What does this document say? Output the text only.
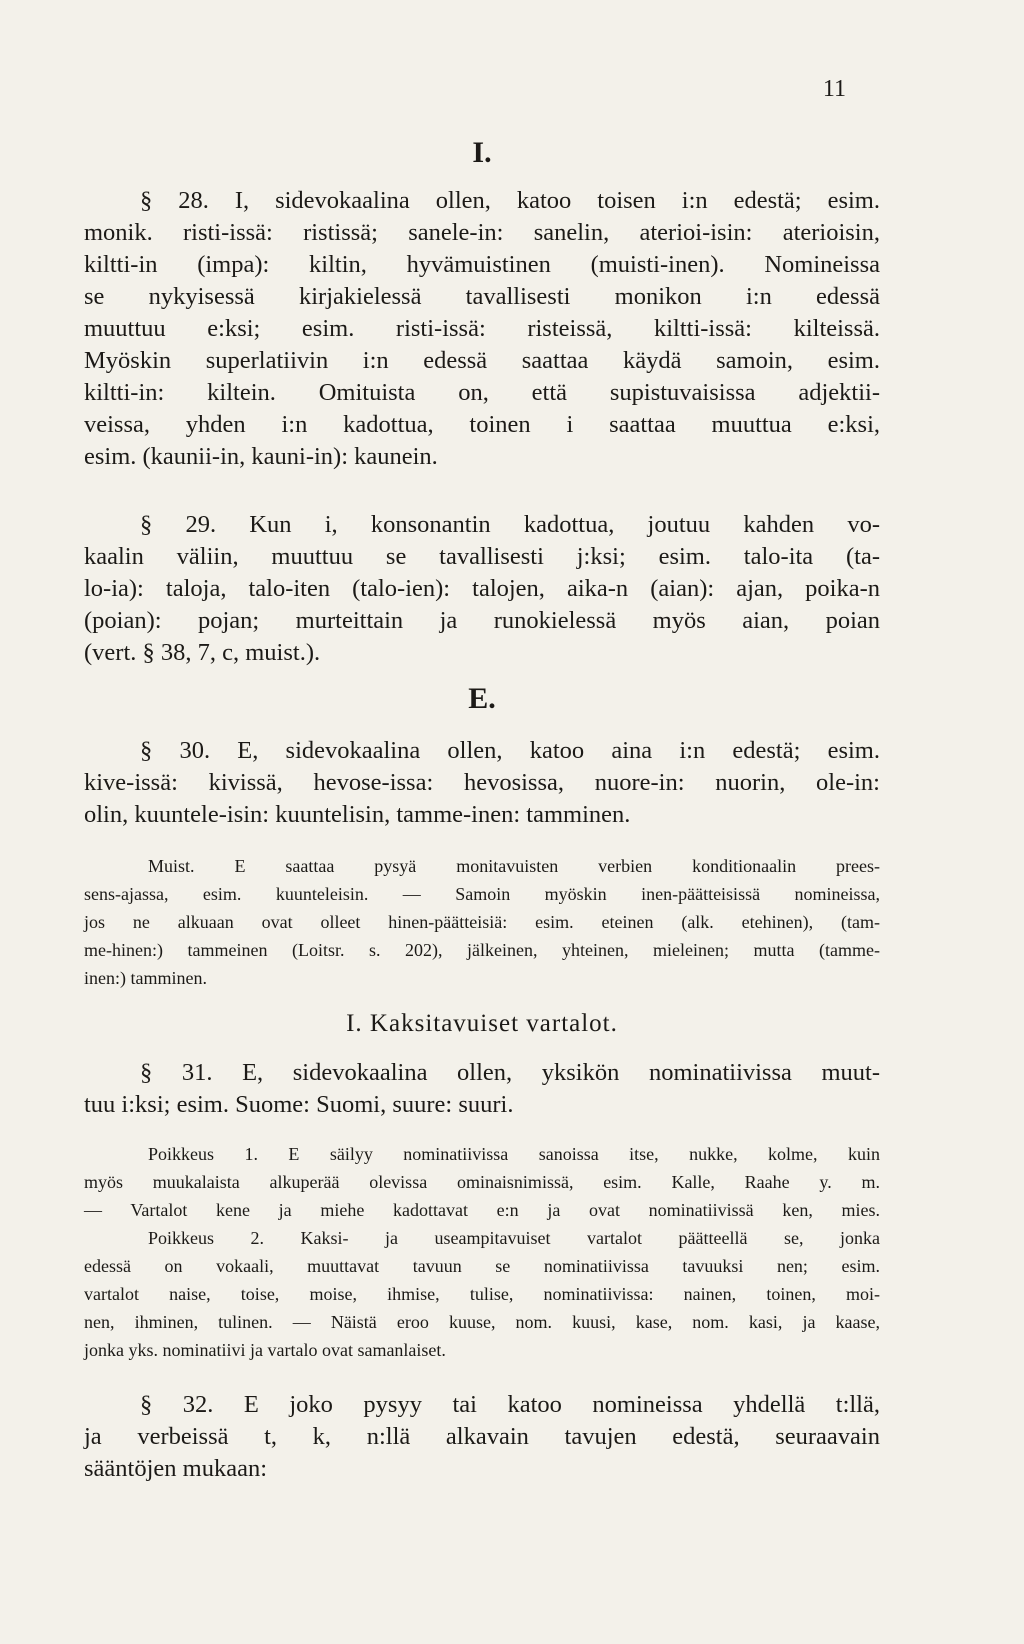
11
I.
§ 28. I, sidevokaalina ollen, katoo toisen i:n edestä; esim.
monik. risti-issä: ristissä; sanele-in: sanelin, aterioi-isin: aterioisin,
kiltti-in (impa): kiltin, hyvämuistinen (muisti-inen). Nomineissa
se nykyisessä kirjakielessä tavallisesti monikon i:n edessä
muuttuu e:ksi; esim. risti-issä: risteissä, kiltti-issä: kilteissä.
Myöskin superlatiivin i:n edessä saattaa käydä samoin, esim.
kiltti-in: kiltein. Omituista on, että supistuvaisissa adjektii-
veissa, yhden i:n kadottua, toinen i saattaa muuttua e:ksi,
esim. (kaunii-in, kauni-in): kaunein.
§ 29. Kun i, konsonantin kadottua, joutuu kahden vo-
kaalin väliin, muuttuu se tavallisesti j:ksi; esim. talo-ita (ta-
lo-ia): taloja, talo-iten (talo-ien): talojen, aika-n (aian): ajan, poika-n
(poian): pojan; murteittain ja runokielessä myös aian, poian
(vert. § 38, 7, c, muist.).
E.
§ 30. E, sidevokaalina ollen, katoo aina i:n edestä; esim.
kive-issä: kivissä, hevose-issa: hevosissa, nuore-in: nuorin, ole-in:
olin, kuuntele-isin: kuuntelisin, tamme-inen: tamminen.
Muist. E saattaa pysyä monitavuisten verbien konditionaalin prees-
sens-ajassa, esim. kuunteleisin. — Samoin myöskin inen-päätteisissä nomineissa,
jos ne alkuaan ovat olleet hinen-päätteisiä: esim. eteinen (alk. etehinen), (tam-
me-hinen:) tammeinen (Loitsr. s. 202), jälkeinen, yhteinen, mieleinen; mutta (tamme-
inen:) tamminen.
I. Kaksitavuiset vartalot.
§ 31. E, sidevokaalina ollen, yksikön nominatiivissa muut-
tuu i:ksi; esim. Suome: Suomi, suure: suuri.
Poikkeus 1. E säilyy nominatiivissa sanoissa itse, nukke, kolme, kuin
myös muukalaista alkuperää olevissa ominaisnimissä, esim. Kalle, Raahe y. m.
— Vartalot kene ja miehe kadottavat e:n ja ovat nominatiivissä ken, mies.
Poikkeus 2. Kaksi- ja useampitavuiset vartalot päätteellä se, jonka
edessä on vokaali, muuttavat tavuun se nominatiivissa tavuuksi nen; esim.
vartalot naise, toise, moise, ihmise, tulise, nominatiivissa: nainen, toinen, moi-
nen, ihminen, tulinen. — Näistä eroo kuuse, nom. kuusi, kase, nom. kasi, ja kaase,
jonka yks. nominatiivi ja vartalo ovat samanlaiset.
§ 32. E joko pysyy tai katoo nomineissa yhdellä t:llä,
ja verbeissä t, k, n:llä alkavain tavujen edestä, seuraavain
sääntöjen mukaan:
